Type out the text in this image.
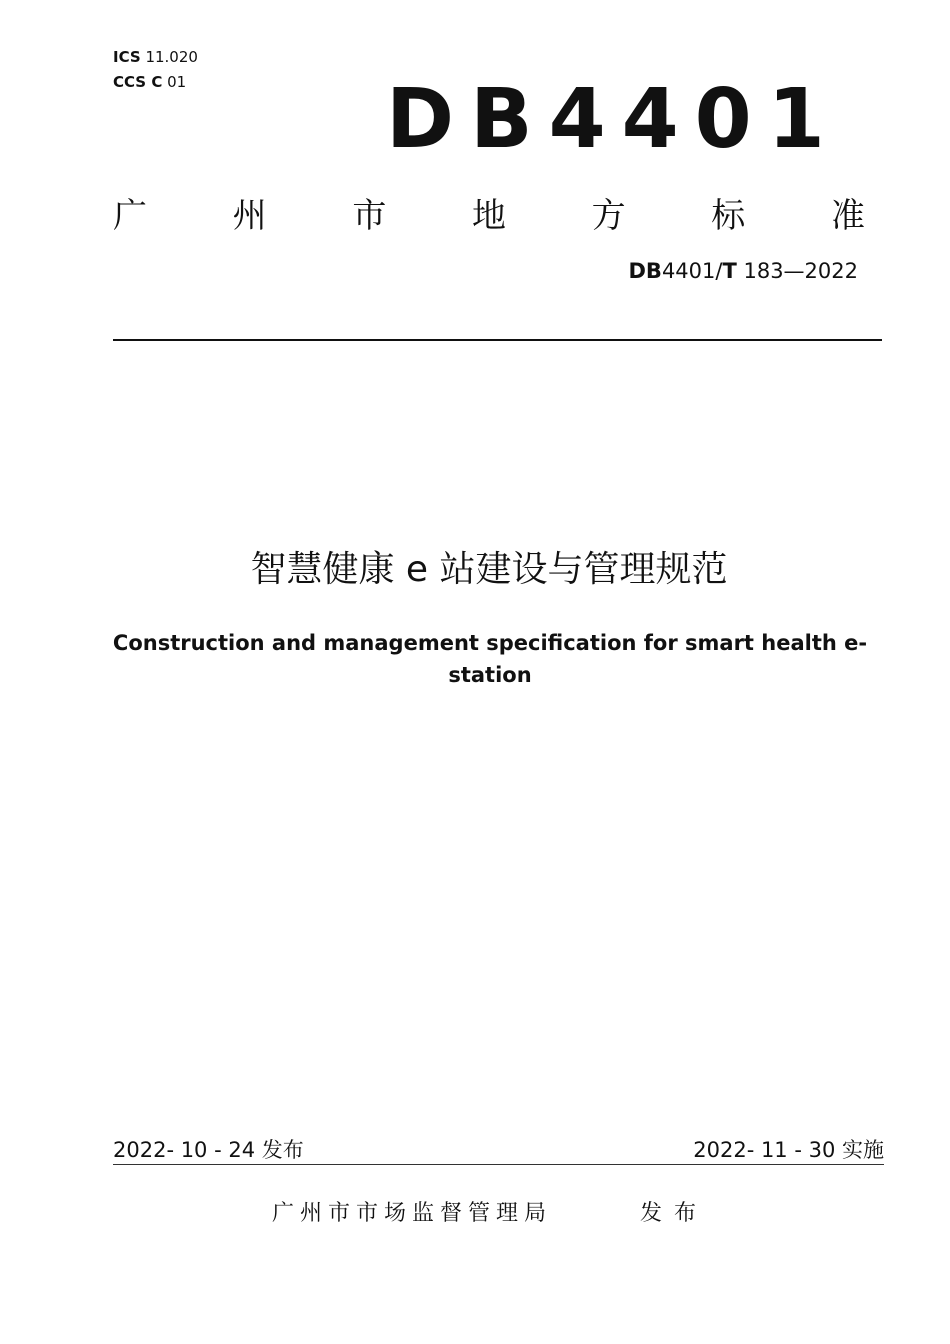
ICS 11.020
CCS C 01 DB4401
广	州	市	地	方	标	准
DB4401/T 183—2022
智慧健康 e 站建设与管理规范
Construction and management specification for smart health e-station
2022- 10 - 24 发布	2022- 11 - 30 实施
广州市市场监督管理局	发布
